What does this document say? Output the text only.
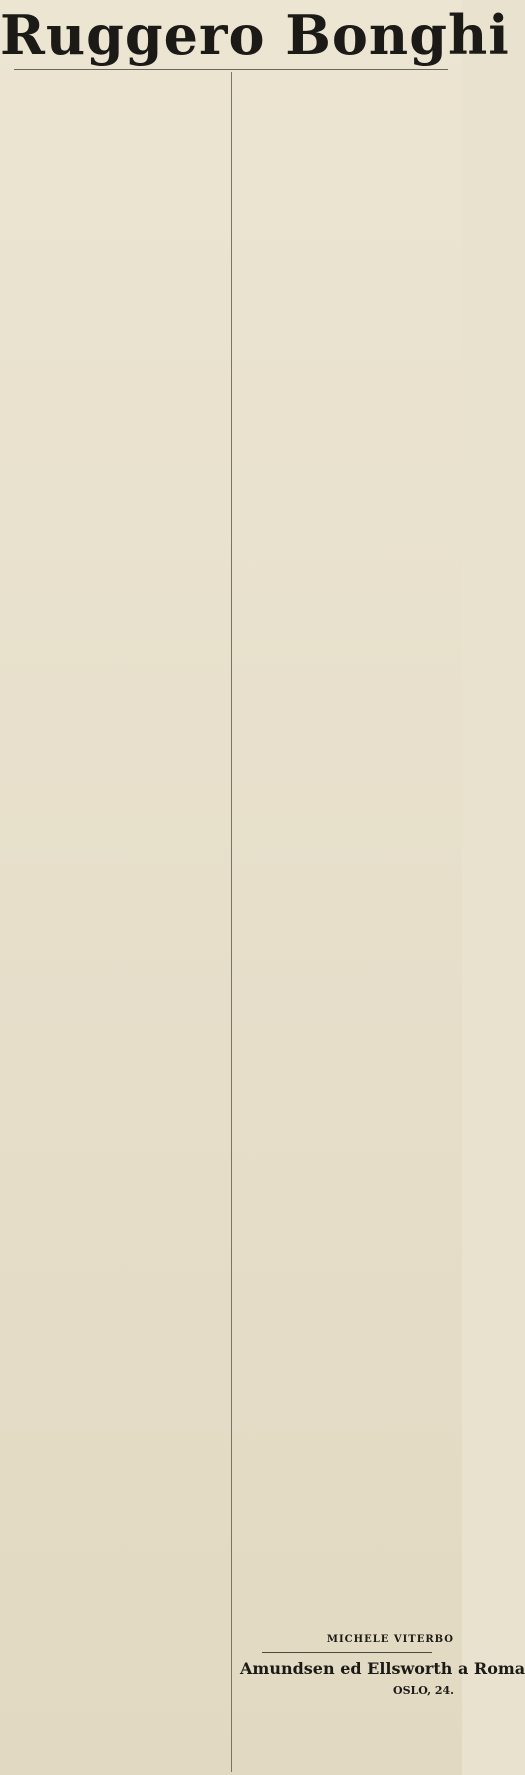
Ruggero Bonghi

MICHELE VITERBO
Amundsen ed Ellsworth a Roma
OSLO, 24.
